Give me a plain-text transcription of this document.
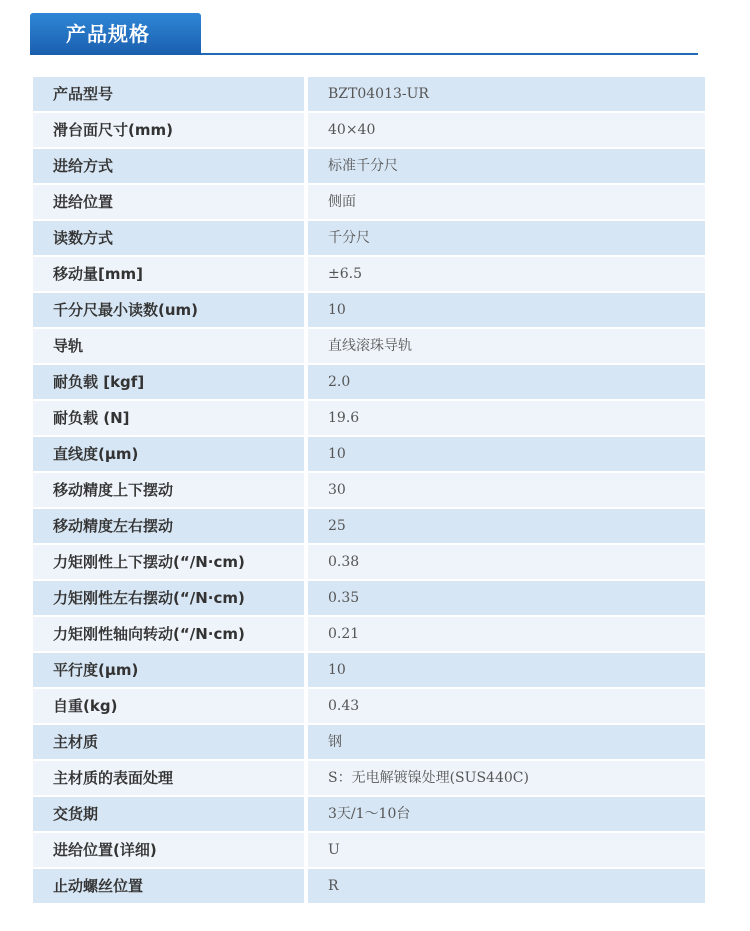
产品规格
产品型号	BZT04013-UR
滑台面尺寸(mm)	40×40
进给方式	标准千分尺
进给位置	侧面
读数方式	千分尺
移动量[mm]	±6.5
千分尺最小读数(um)	10
导轨	直线滚珠导轨
耐负载 [kgf]	2.0
耐负载 (N]	19.6
直线度(μm)	10
移动精度上下摆动	30
移动精度左右摆动	25
力矩刚性上下摆动(“/N·cm)	0.38
力矩刚性左右摆动(“/N·cm)	0.35
力矩刚性轴向转动(“/N·cm)	0.21
平行度(μm)	10
自重(kg)	0.43
主材质	钢
主材质的表面处理	S：无电解镀镍处理(SUS440C)
交货期	3天/1～10台
进给位置(详细)	U
止动螺丝位置	R
